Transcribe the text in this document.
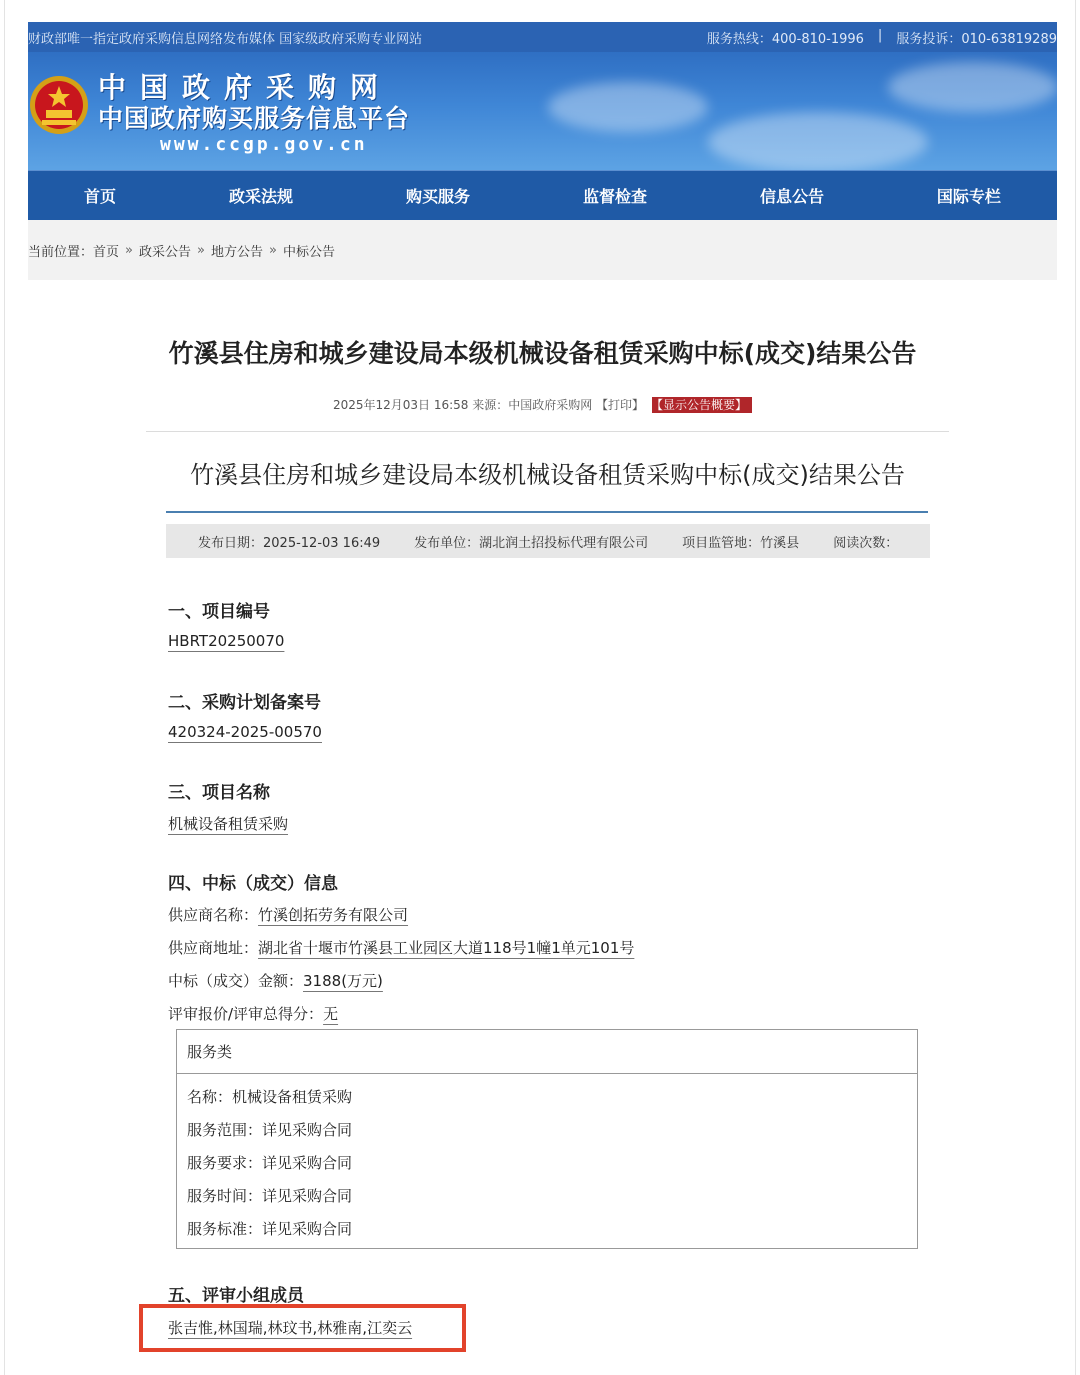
财政部唯一指定政府采购信息网络发布媒体 国家级政府采购专业网站	服务热线：400-810-1996 | 服务投诉：010-63819289
中国政府采购网
中国政府购买服务信息平台
www.ccgp.gov.cn
首页	政采法规	购买服务	监督检查	信息公告	国际专栏
当前位置： 首页 » 政采公告 » 地方公告 » 中标公告
竹溪县住房和城乡建设局本级机械设备租赁采购中标(成交)结果公告
2025年12月03日 16:58 来源：中国政府采购网 【打印】 【显示公告概要】
竹溪县住房和城乡建设局本级机械设备租赁采购中标(成交)结果公告
发布日期：2025-12-03 16:49	发布单位：湖北润土招投标代理有限公司	项目监管地：竹溪县	阅读次数：
一、项目编号
HBRT20250070
二、采购计划备案号
420324-2025-00570
三、项目名称
机械设备租赁采购
四、中标（成交）信息
供应商名称：竹溪创拓劳务有限公司
供应商地址：湖北省十堰市竹溪县工业园区大道118号1幢1单元101号
中标（成交）金额：3188(万元)
评审报价/评审总得分：无
服务类
名称：机械设备租赁采购
服务范围：详见采购合同
服务要求：详见采购合同
服务时间：详见采购合同
服务标准：详见采购合同
五、评审小组成员
张吉惟,林国瑞,林玟书,林雅南,江奕云
